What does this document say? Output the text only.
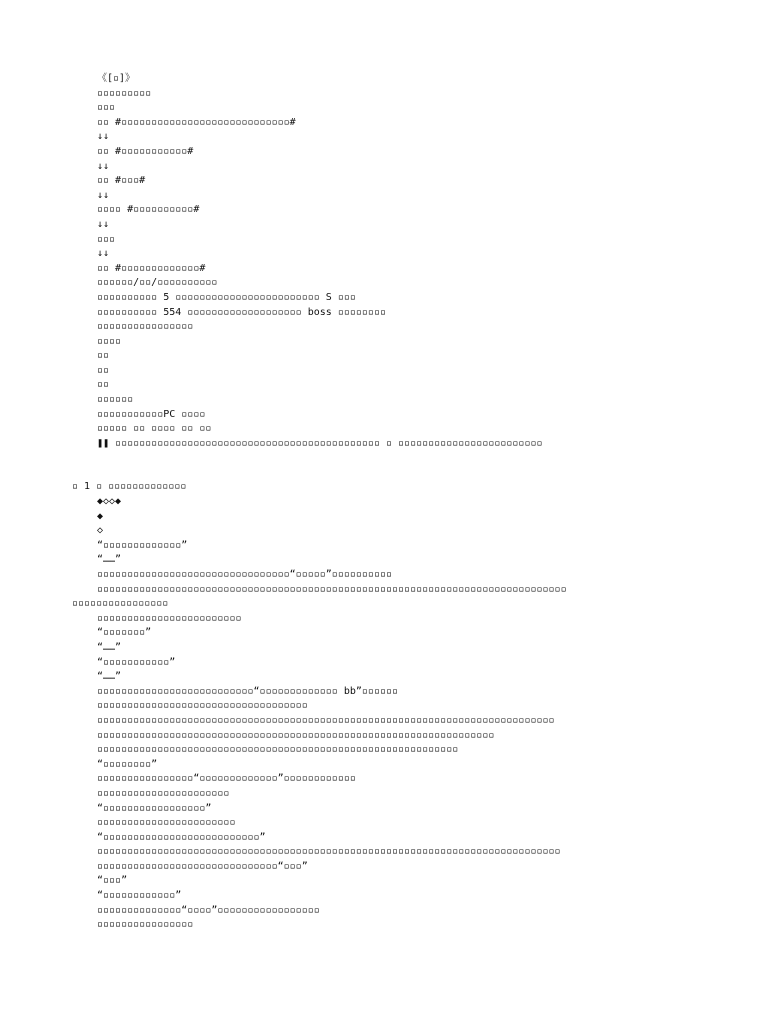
《[▫]》
▫▫▫▫▫▫▫▫▫
▫▫▫
▫▫ #▫▫▫▫▫▫▫▫▫▫▫▫▫▫▫▫▫▫▫▫▫▫▫▫▫▫▫▫#
↓↓
▫▫ #▫▫▫▫▫▫▫▫▫▫▫#
↓↓
▫▫ #▫▫▫#
↓↓
▫▫▫▫ #▫▫▫▫▫▫▫▫▫▫#
↓↓
▫▫▫
↓↓
▫▫ #▫▫▫▫▫▫▫▫▫▫▫▫▫#
▫▫▫▫▫▫/▫▫/▫▫▫▫▫▫▫▫▫▫
▫▫▫▫▫▫▫▫▫▫ 5 ▫▫▫▫▫▫▫▫▫▫▫▫▫▫▫▫▫▫▫▫▫▫▫▫ S ▫▫▫
▫▫▫▫▫▫▫▫▫▫ 554 ▫▫▫▫▫▫▫▫▫▫▫▫▫▫▫▫▫▫▫ boss ▫▫▫▫▫▫▫▫
▫▫▫▫▫▫▫▫▫▫▫▫▫▫▫▫
▫▫▫▫
▫▫
▫▫
▫▫
▫▫▫▫▫▫
▫▫▫▫▫▫▫▫▫▫▫PC ▫▫▫▫
▫▫▫▫▫ ▫▫ ▫▫▫▫ ▫▫ ▫▫
❚❚ ▫▫▫▫▫▫▫▫▫▫▫▫▫▫▫▫▫▫▫▫▫▫▫▫▫▫▫▫▫▫▫▫▫▫▫▫▫▫▫▫▫▫▫▫ ▫ ▫▫▫▫▫▫▫▫▫▫▫▫▫▫▫▫▫▫▫▫▫▫▫▫
▫ 1 ▫ ▫▫▫▫▫▫▫▫▫▫▫▫▫
◆◇◇◆
◆
◇
“▫▫▫▫▫▫▫▫▫▫▫▫▫”
“……”
▫▫▫▫▫▫▫▫▫▫▫▫▫▫▫▫▫▫▫▫▫▫▫▫▫▫▫▫▫▫▫▫“▫▫▫▫▫”▫▫▫▫▫▫▫▫▫▫
▫▫▫▫▫▫▫▫▫▫▫▫▫▫▫▫▫▫▫▫▫▫▫▫▫▫▫▫▫▫▫▫▫▫▫▫▫▫▫▫▫▫▫▫▫▫▫▫▫▫▫▫▫▫▫▫▫▫▫▫▫▫▫▫▫▫▫▫▫▫▫▫▫▫▫▫▫▫
▫▫▫▫▫▫▫▫▫▫▫▫▫▫▫▫
▫▫▫▫▫▫▫▫▫▫▫▫▫▫▫▫▫▫▫▫▫▫▫▫
“▫▫▫▫▫▫▫”
“……”
“▫▫▫▫▫▫▫▫▫▫▫”
“……”
▫▫▫▫▫▫▫▫▫▫▫▫▫▫▫▫▫▫▫▫▫▫▫▫▫▫“▫▫▫▫▫▫▫▫▫▫▫▫▫ bb”▫▫▫▫▫▫
▫▫▫▫▫▫▫▫▫▫▫▫▫▫▫▫▫▫▫▫▫▫▫▫▫▫▫▫▫▫▫▫▫▫▫
▫▫▫▫▫▫▫▫▫▫▫▫▫▫▫▫▫▫▫▫▫▫▫▫▫▫▫▫▫▫▫▫▫▫▫▫▫▫▫▫▫▫▫▫▫▫▫▫▫▫▫▫▫▫▫▫▫▫▫▫▫▫▫▫▫▫▫▫▫▫▫▫▫▫▫▫
▫▫▫▫▫▫▫▫▫▫▫▫▫▫▫▫▫▫▫▫▫▫▫▫▫▫▫▫▫▫▫▫▫▫▫▫▫▫▫▫▫▫▫▫▫▫▫▫▫▫▫▫▫▫▫▫▫▫▫▫▫▫▫▫▫▫
▫▫▫▫▫▫▫▫▫▫▫▫▫▫▫▫▫▫▫▫▫▫▫▫▫▫▫▫▫▫▫▫▫▫▫▫▫▫▫▫▫▫▫▫▫▫▫▫▫▫▫▫▫▫▫▫▫▫▫▫
“▫▫▫▫▫▫▫▫”
▫▫▫▫▫▫▫▫▫▫▫▫▫▫▫▫“▫▫▫▫▫▫▫▫▫▫▫▫▫”▫▫▫▫▫▫▫▫▫▫▫▫
▫▫▫▫▫▫▫▫▫▫▫▫▫▫▫▫▫▫▫▫▫▫
“▫▫▫▫▫▫▫▫▫▫▫▫▫▫▫▫▫”
▫▫▫▫▫▫▫▫▫▫▫▫▫▫▫▫▫▫▫▫▫▫▫
“▫▫▫▫▫▫▫▫▫▫▫▫▫▫▫▫▫▫▫▫▫▫▫▫▫▫”
▫▫▫▫▫▫▫▫▫▫▫▫▫▫▫▫▫▫▫▫▫▫▫▫▫▫▫▫▫▫▫▫▫▫▫▫▫▫▫▫▫▫▫▫▫▫▫▫▫▫▫▫▫▫▫▫▫▫▫▫▫▫▫▫▫▫▫▫▫▫▫▫▫▫▫▫▫
▫▫▫▫▫▫▫▫▫▫▫▫▫▫▫▫▫▫▫▫▫▫▫▫▫▫▫▫▫▫“▫▫▫”
“▫▫▫”
“▫▫▫▫▫▫▫▫▫▫▫▫”
▫▫▫▫▫▫▫▫▫▫▫▫▫▫“▫▫▫▫”▫▫▫▫▫▫▫▫▫▫▫▫▫▫▫▫▫
▫▫▫▫▫▫▫▫▫▫▫▫▫▫▫▫
